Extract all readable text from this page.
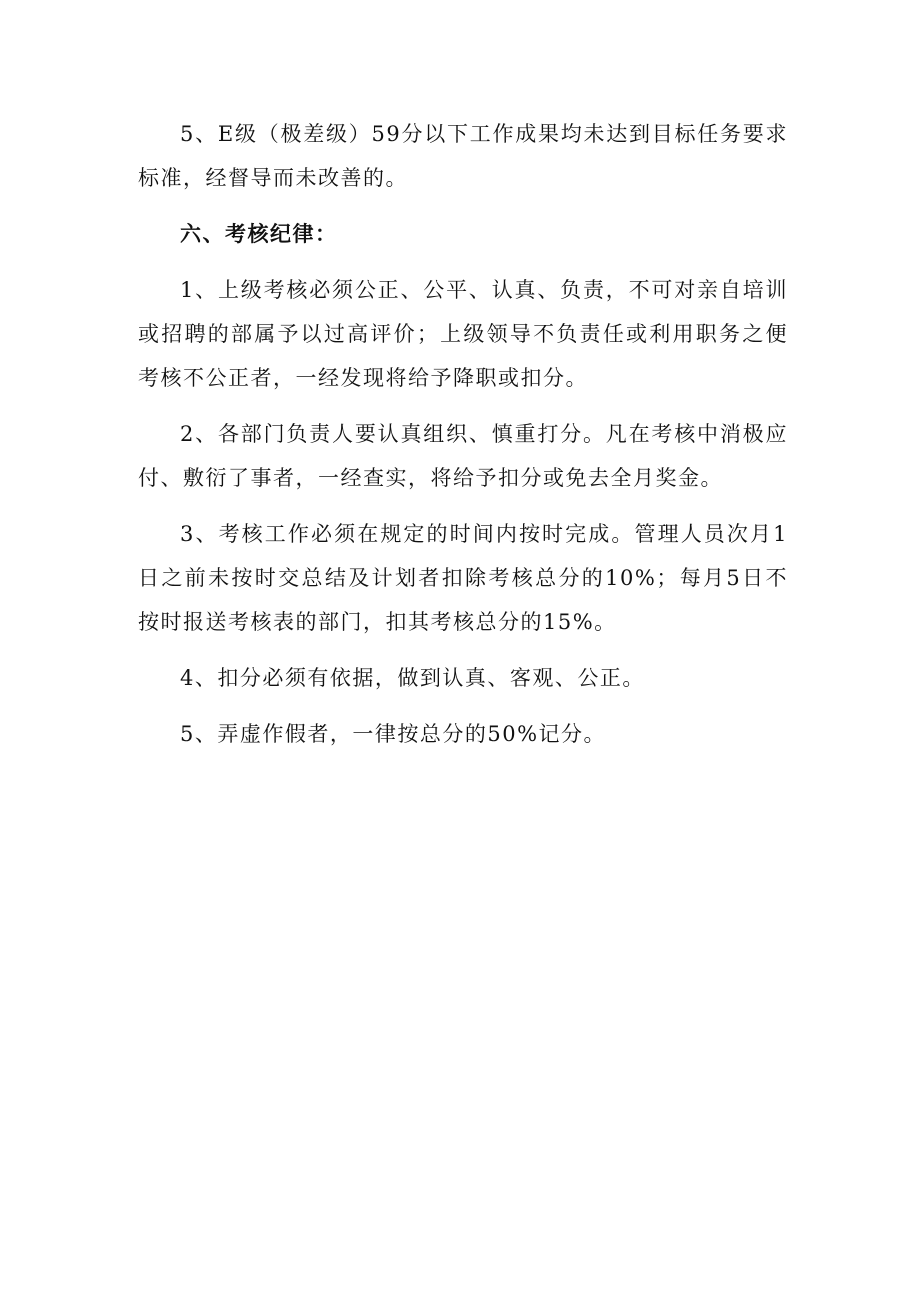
5、E级（极差级）59分以下工作成果均未达到目标任务要求标准，经督导而未改善的。

六、考核纪律：

1、上级考核必须公正、公平、认真、负责，不可对亲自培训或招聘的部属予以过高评价；上级领导不负责任或利用职务之便考核不公正者，一经发现将给予降职或扣分。

2、各部门负责人要认真组织、慎重打分。凡在考核中消极应付、敷衍了事者，一经查实，将给予扣分或免去全月奖金。

3、考核工作必须在规定的时间内按时完成。管理人员次月1日之前未按时交总结及计划者扣除考核总分的10%；每月5日不按时报送考核表的部门，扣其考核总分的15%。

4、扣分必须有依据，做到认真、客观、公正。

5、弄虚作假者，一律按总分的50%记分。
